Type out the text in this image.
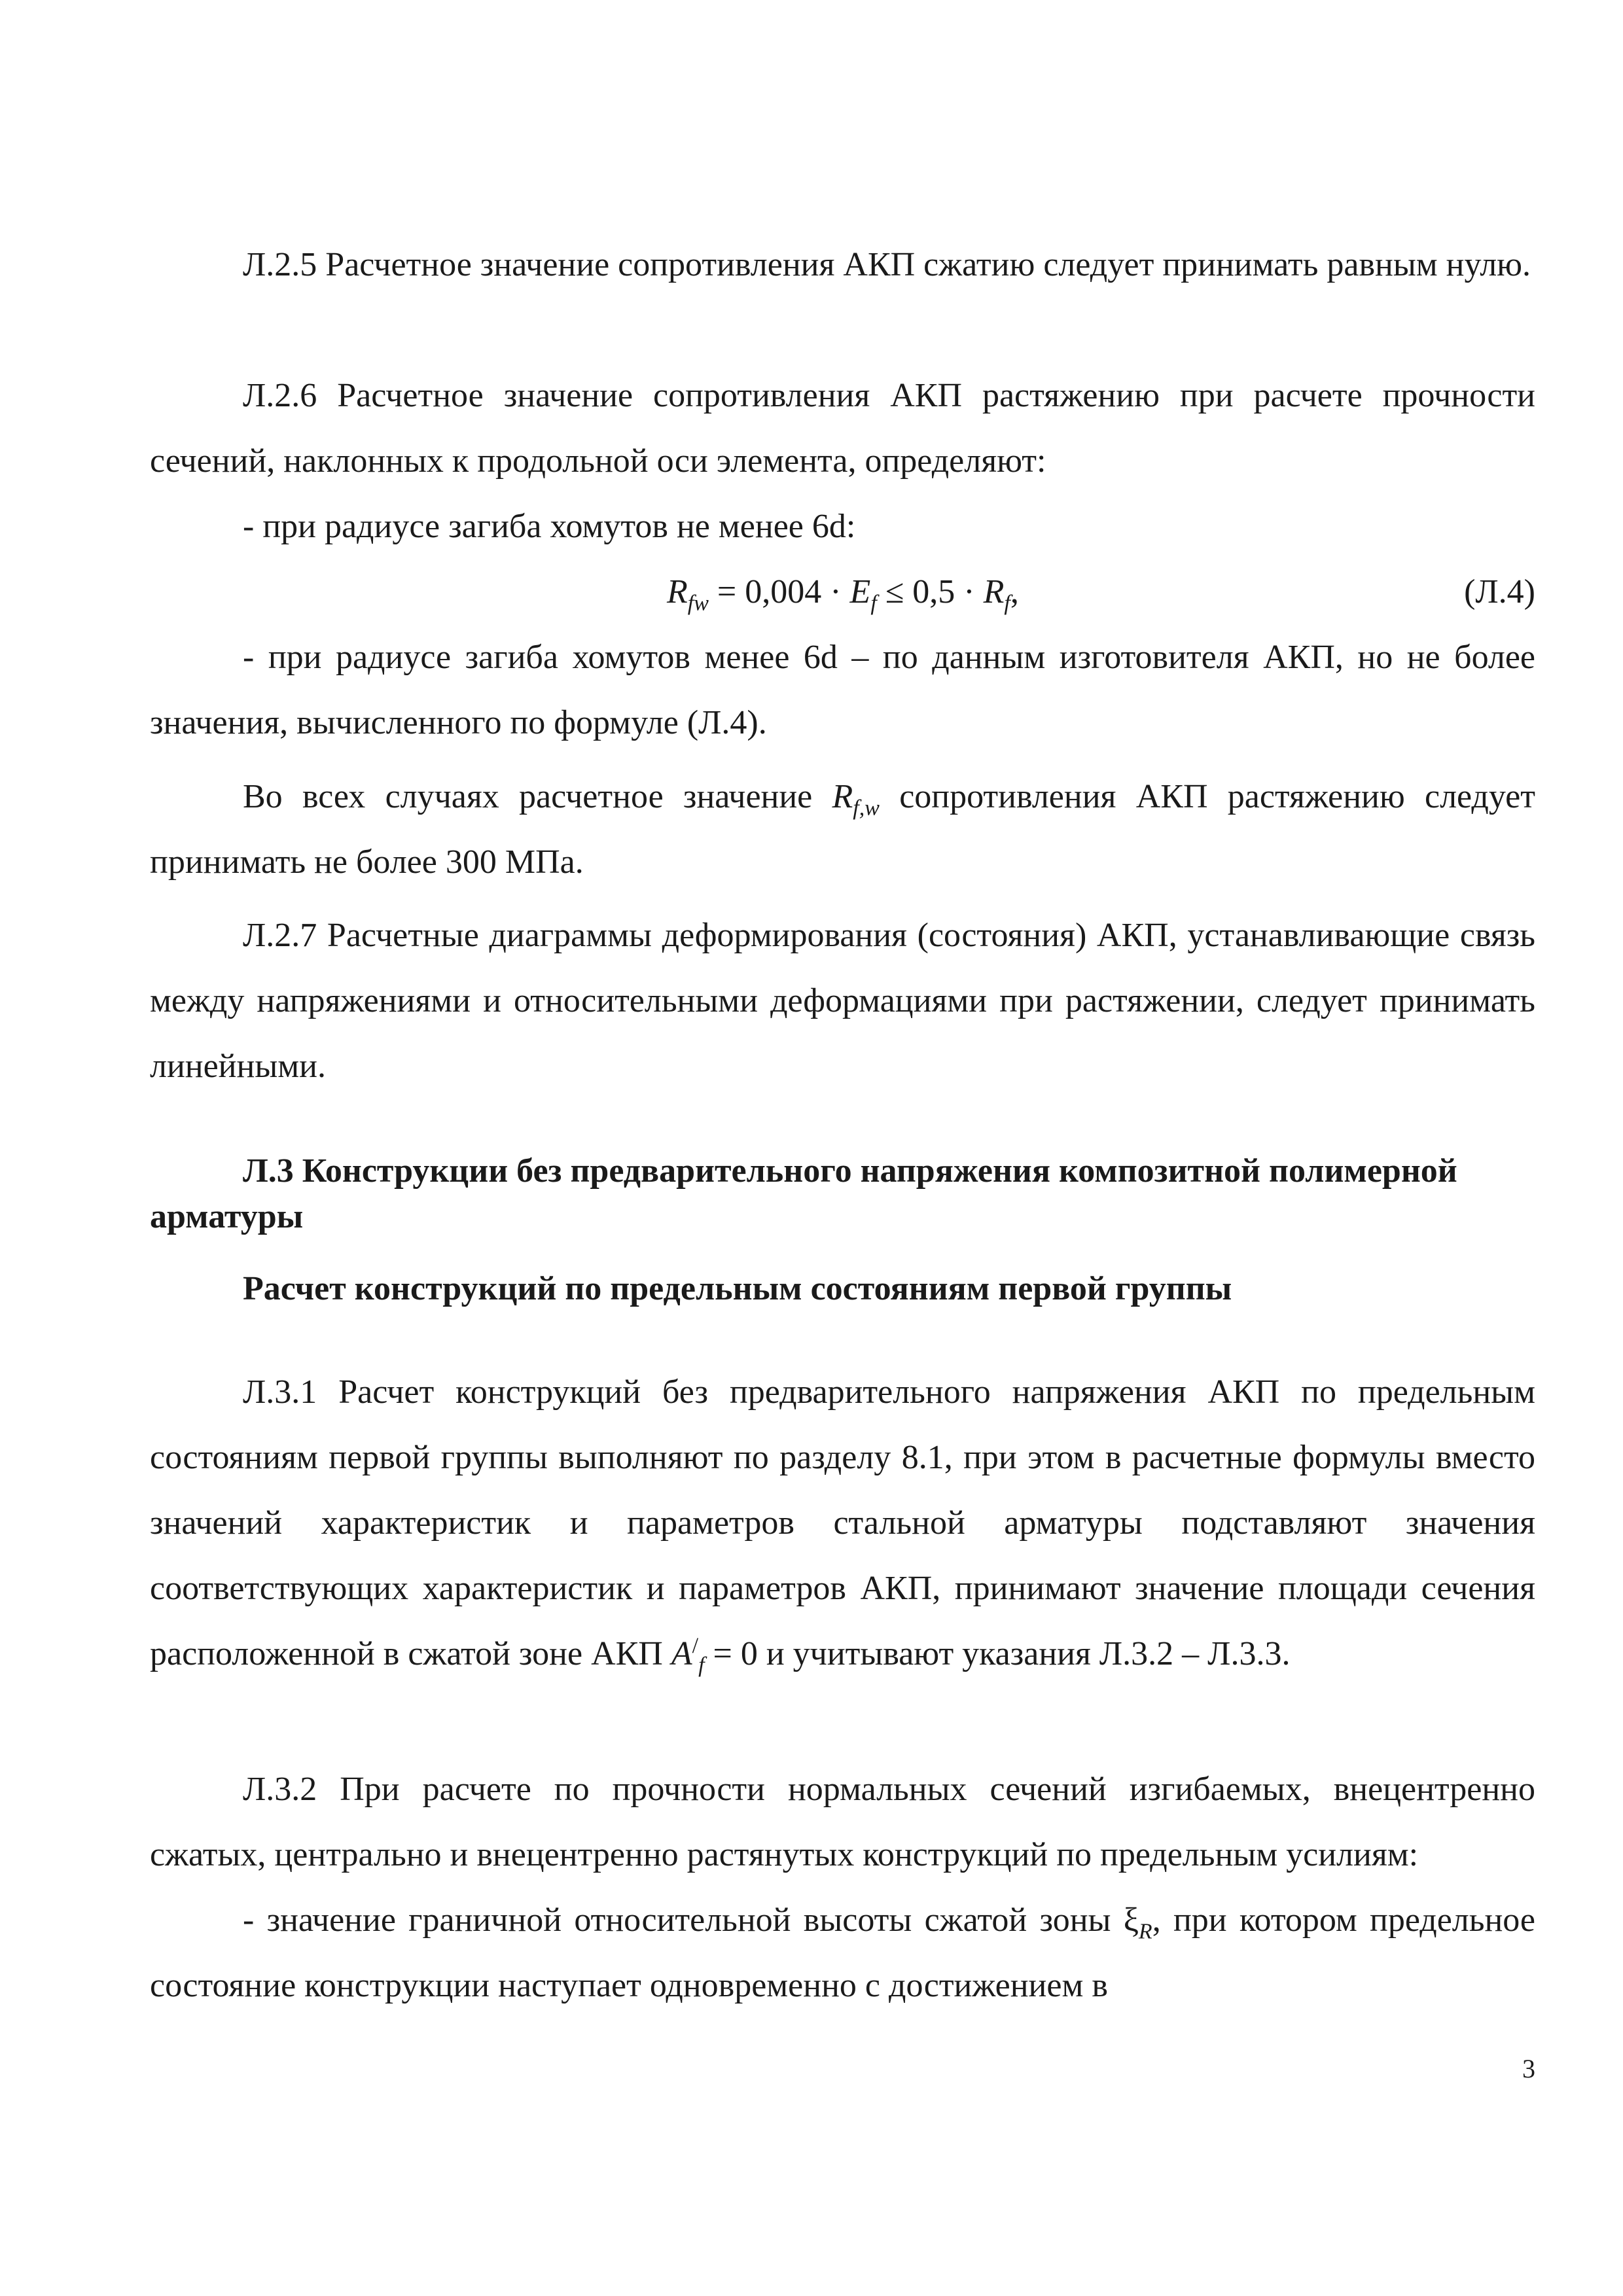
Л.2.5 Расчетное значение сопротивления АКП сжатию следует принимать равным нулю.

Л.2.6 Расчетное значение сопротивления АКП растяжению при расчете прочности сечений, наклонных к продольной оси элемента, определяют:

- при радиусе загиба хомутов не менее 6d:

$R_{fw} = 0,004 \cdot E_f \le 0,5 \cdot R_f$,	(Л.4)

- при радиусе загиба хомутов менее 6d – по данным изготовителя АКП, но не более значения, вычисленного по формуле (Л.4).

Во всех случаях расчетное значение $R_{f,w}$ сопротивления АКП растяжению следует принимать не более 300 МПа.

Л.2.7 Расчетные диаграммы деформирования (состояния) АКП, устанавливающие связь между напряжениями и относительными деформациями при растяжении, следует принимать линейными.

Л.3 Конструкции без предварительного напряжения композитной полимерной арматуры
Расчет конструкций по предельным состояниям первой группы

Л.3.1 Расчет конструкций без предварительного напряжения АКП по предельным состояниям первой группы выполняют по разделу 8.1, при этом в расчетные формулы вместо значений характеристик и параметров стальной арматуры подставляют значения соответствующих характеристик и параметров АКП, принимают значение площади сечения расположенной в сжатой зоне АКП $A^/_f = 0$ и учитывают указания Л.3.2 – Л.3.3.

Л.3.2 При расчете по прочности нормальных сечений изгибаемых, внецентренно сжатых, центрально и внецентренно растянутых конструкций по предельным усилиям:

- значение граничной относительной высоты сжатой зоны $\xi_R$, при котором предельное состояние конструкции наступает одновременно с достижением в

3
